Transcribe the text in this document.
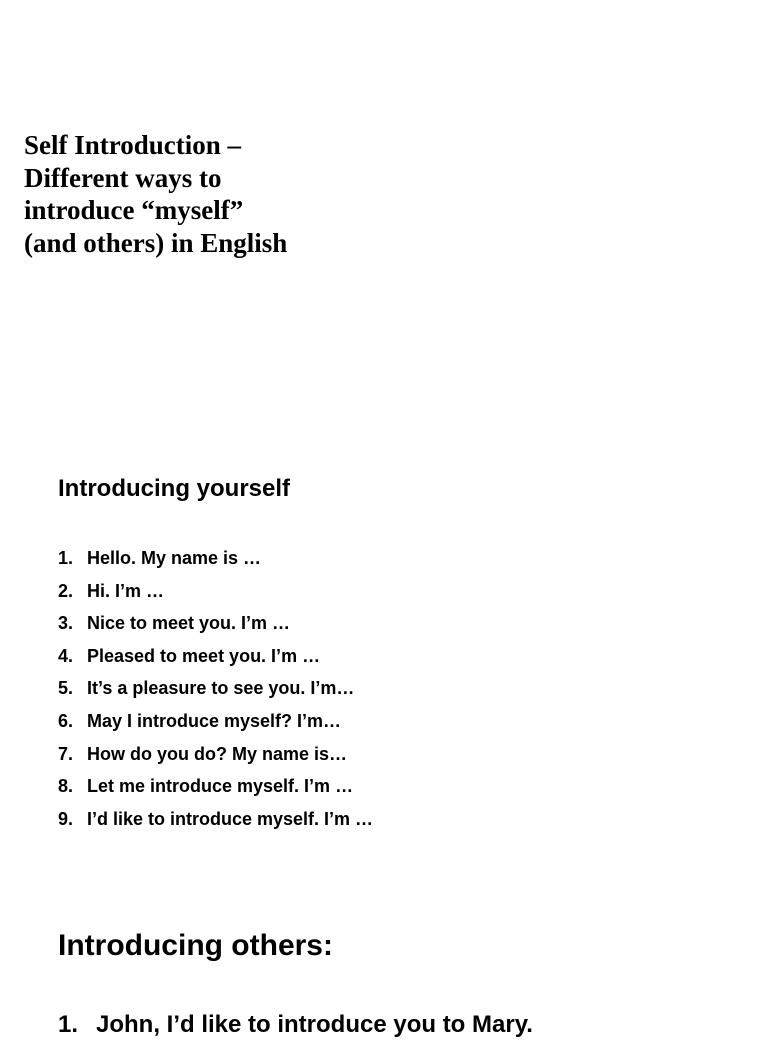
Self Introduction –
Different ways to
introduce “myself”
(and others) in English
Introducing yourself
1. Hello. My name is …
2. Hi. I’m …
3. Nice to meet you. I’m …
4. Pleased to meet you. I’m …
5. It’s a pleasure to see you. I’m…
6. May I introduce myself? I’m…
7. How do you do? My name is…
8. Let me introduce myself. I’m …
9. I’d like to introduce myself. I’m …
Introducing others:
1. John, I’d like to introduce you to Mary.
